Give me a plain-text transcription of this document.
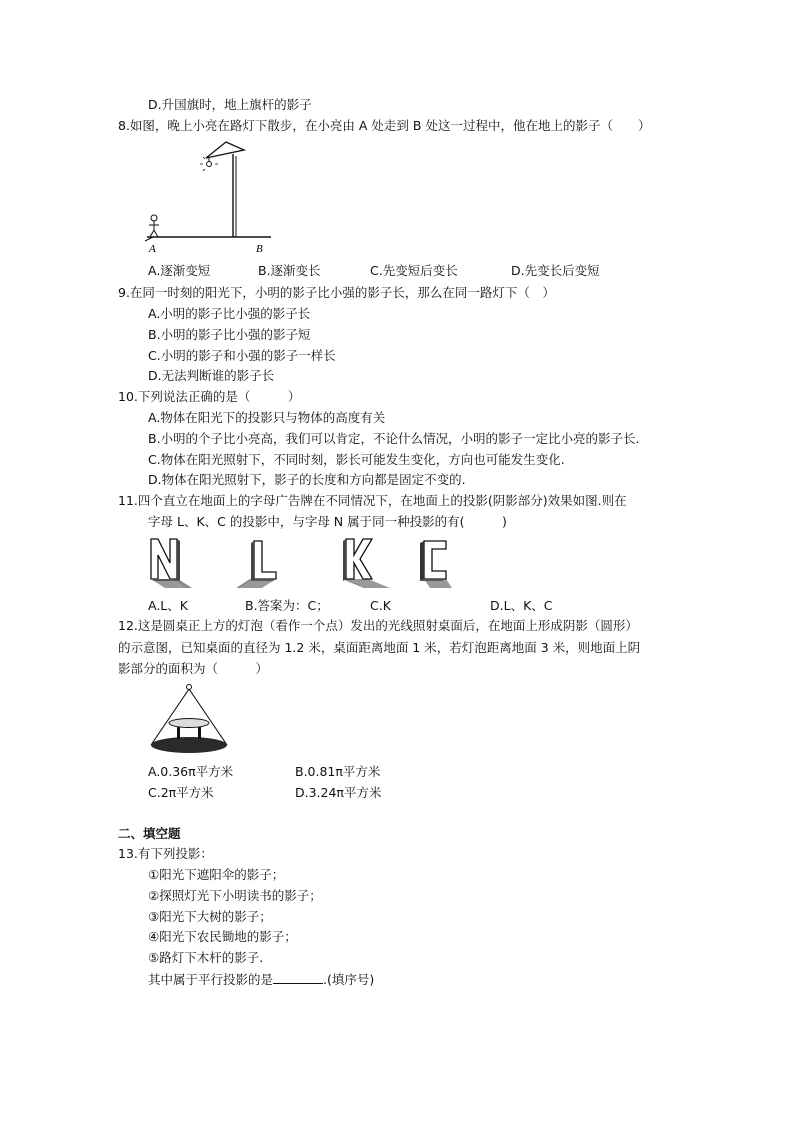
D.升国旗时，地上旗杆的影子
8.如图，晚上小亮在路灯下散步，在小亮由 A 处走到 B 处这一过程中，他在地上的影子（　　）
A	B
A.逐渐变短	B.逐渐变长	C.先变短后变长	D.先变长后变短
9.在同一时刻的阳光下，小明的影子比小强的影子长，那么在同一路灯下（　）
A.小明的影子比小强的影子长
B.小明的影子比小强的影子短
C.小明的影子和小强的影子一样长
D.无法判断谁的影子长
10.下列说法正确的是（　　　）
A.物体在阳光下的投影只与物体的高度有关
B.小明的个子比小亮高，我们可以肯定，不论什么情况，小明的影子一定比小亮的影子长.
C.物体在阳光照射下，不同时刻，影长可能发生变化，方向也可能发生变化.
D.物体在阳光照射下，影子的长度和方向都是固定不变的.
11.四个直立在地面上的字母广告牌在不同情况下，在地面上的投影(阴影部分)效果如图.则在
字母 L、K、C 的投影中，与字母 N 属于同一种投影的有(　　　)
A.L、K	B.答案为：C；	C.K	D.L、K、C
12.这是圆桌正上方的灯泡（看作一个点）发出的光线照射桌面后，在地面上形成阴影（圆形）
的示意图，已知桌面的直径为 1.2 米，桌面距离地面 1 米，若灯泡距离地面 3 米，则地面上阴
影部分的面积为（　　　）
A.0.36π平方米	B.0.81π平方米
C.2π平方米	D.3.24π平方米
二、填空题
13.有下列投影：
①阳光下遮阳伞的影子；
②探照灯光下小明读书的影子；
③阳光下大树的影子；
④阳光下农民锄地的影子；
⑤路灯下木杆的影子.
其中属于平行投影的是	.(填序号)
